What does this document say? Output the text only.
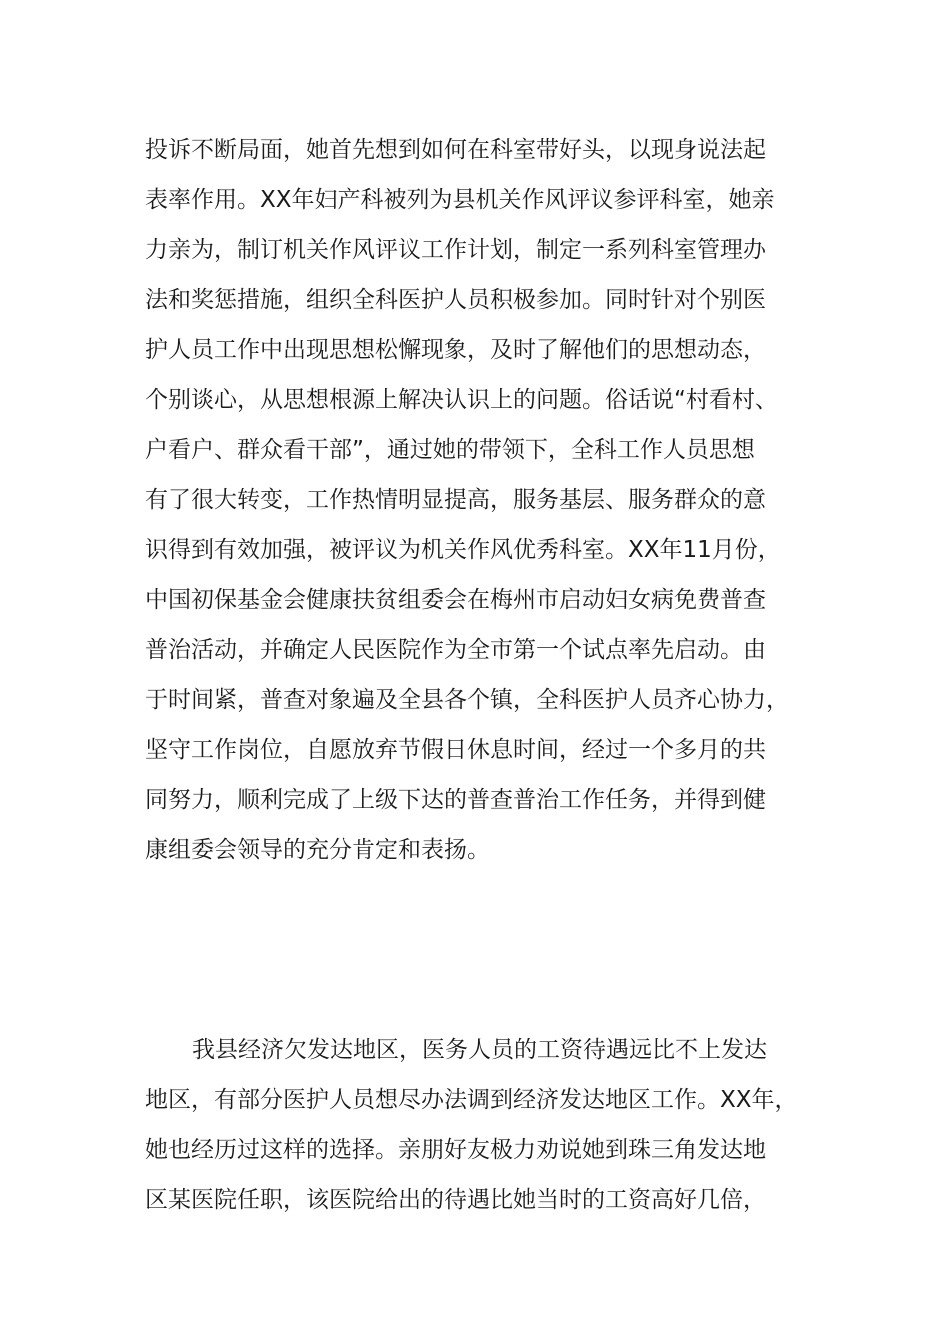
投诉不断局面，她首先想到如何在科室带好头，以现身说法起
表率作用。XX年妇产科被列为县机关作风评议参评科室，她亲
力亲为，制订机关作风评议工作计划，制定一系列科室管理办
法和奖惩措施，组织全科医护人员积极参加。同时针对个别医
护人员工作中出现思想松懈现象，及时了解他们的思想动态，
个别谈心，从思想根源上解决认识上的问题。俗话说“村看村、
户看户、群众看干部”，通过她的带领下，全科工作人员思想
有了很大转变，工作热情明显提高，服务基层、服务群众的意
识得到有效加强，被评议为机关作风优秀科室。XX年11月份，
中国初保基金会健康扶贫组委会在梅州市启动妇女病免费普查
普治活动，并确定人民医院作为全市第一个试点率先启动。由
于时间紧，普查对象遍及全县各个镇，全科医护人员齐心协力，
坚守工作岗位，自愿放弃节假日休息时间，经过一个多月的共
同努力，顺利完成了上级下达的普查普治工作任务，并得到健
康组委会领导的充分肯定和表扬。
我县经济欠发达地区，医务人员的工资待遇远比不上发达
地区，有部分医护人员想尽办法调到经济发达地区工作。XX年，
她也经历过这样的选择。亲朋好友极力劝说她到珠三角发达地
区某医院任职，该医院给出的待遇比她当时的工资高好几倍，
